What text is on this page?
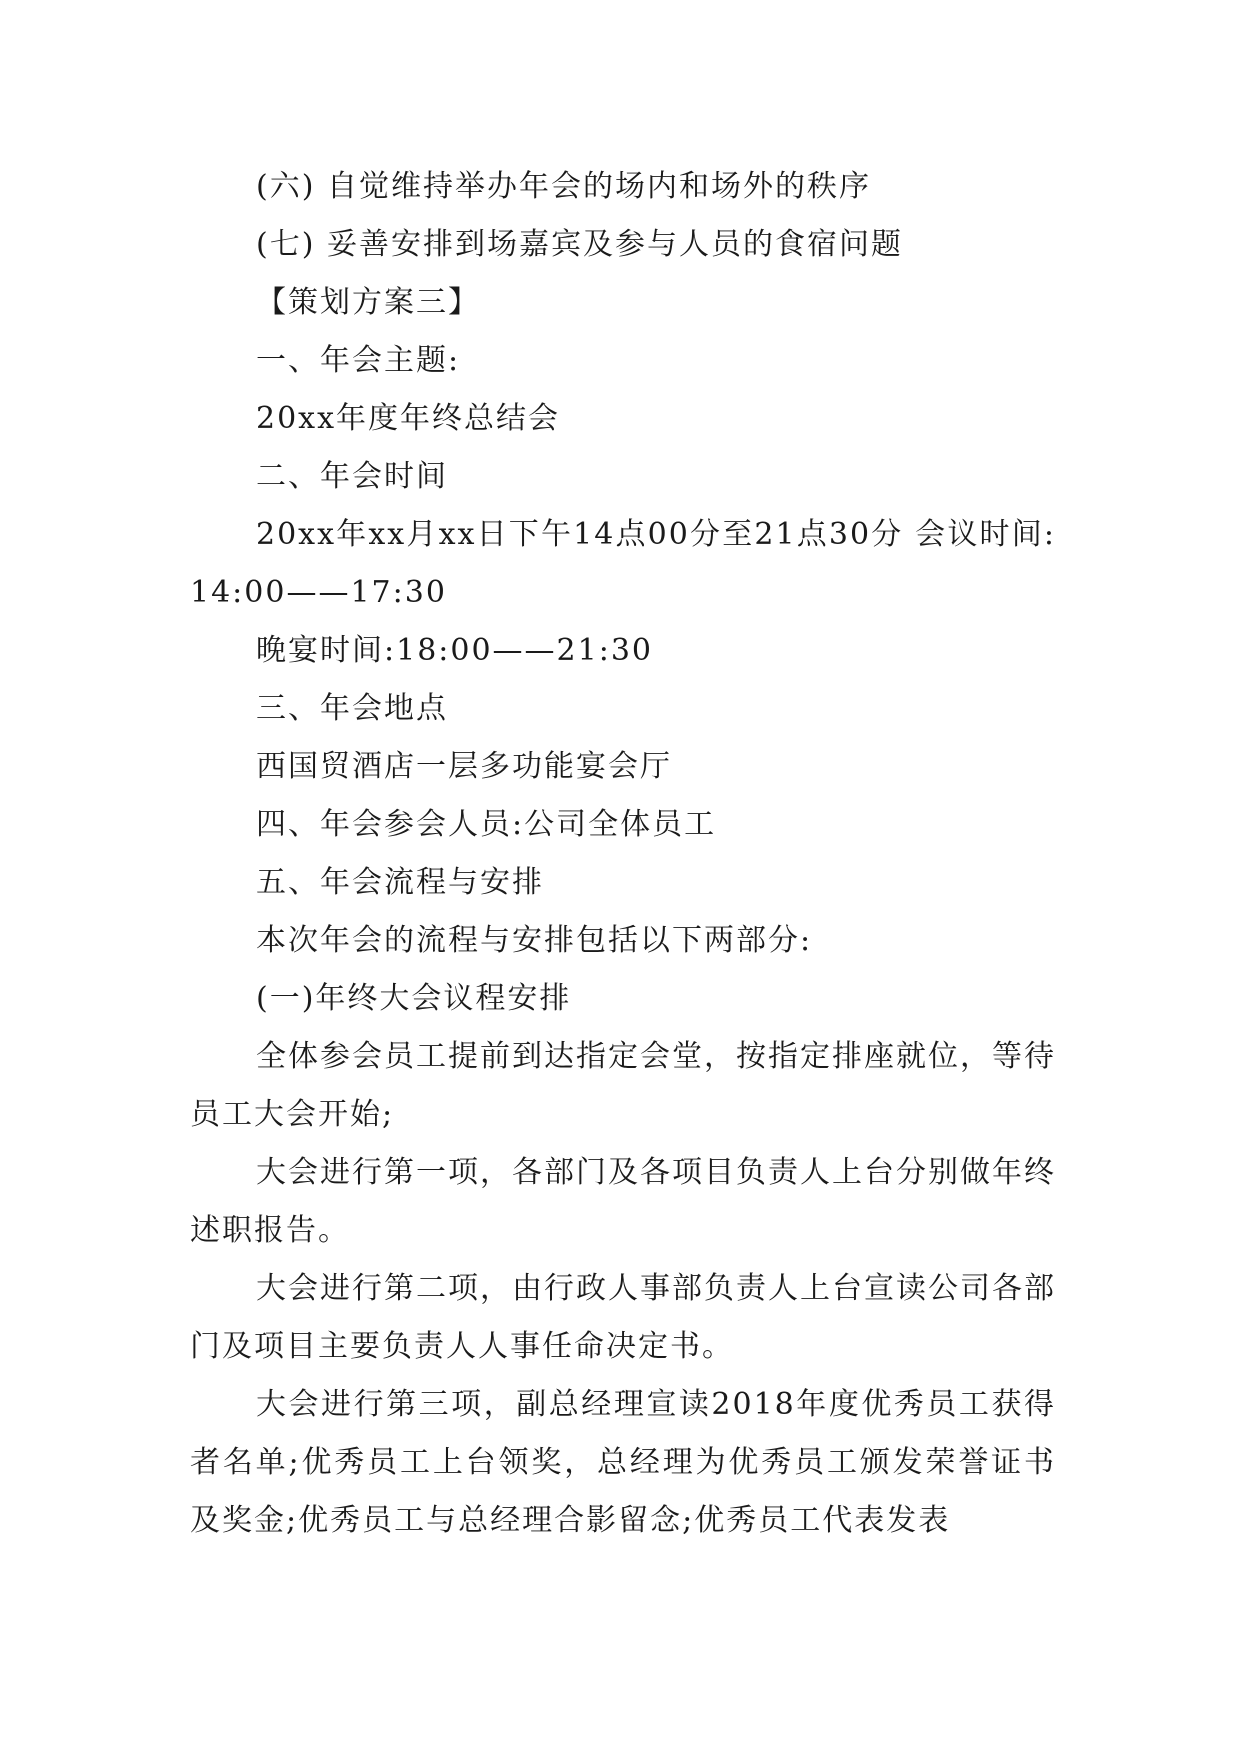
(六) 自觉维持举办年会的场内和场外的秩序

(七) 妥善安排到场嘉宾及参与人员的食宿问题

【策划方案三】

一、年会主题:

20xx年度年终总结会

二、年会时间

20xx年xx月xx日下午14点00分至21点30分 会议时间:14:00——17:30

晚宴时间:18:00——21:30

三、年会地点

西国贸酒店一层多功能宴会厅

四、年会参会人员:公司全体员工

五、年会流程与安排

本次年会的流程与安排包括以下两部分:

(一)年终大会议程安排

全体参会员工提前到达指定会堂，按指定排座就位，等待员工大会开始;

大会进行第一项，各部门及各项目负责人上台分别做年终述职报告。

大会进行第二项，由行政人事部负责人上台宣读公司各部门及项目主要负责人人事任命决定书。

大会进行第三项，副总经理宣读2018年度优秀员工获得者名单;优秀员工上台领奖，总经理为优秀员工颁发荣誉证书及奖金;优秀员工与总经理合影留念;优秀员工代表发表
